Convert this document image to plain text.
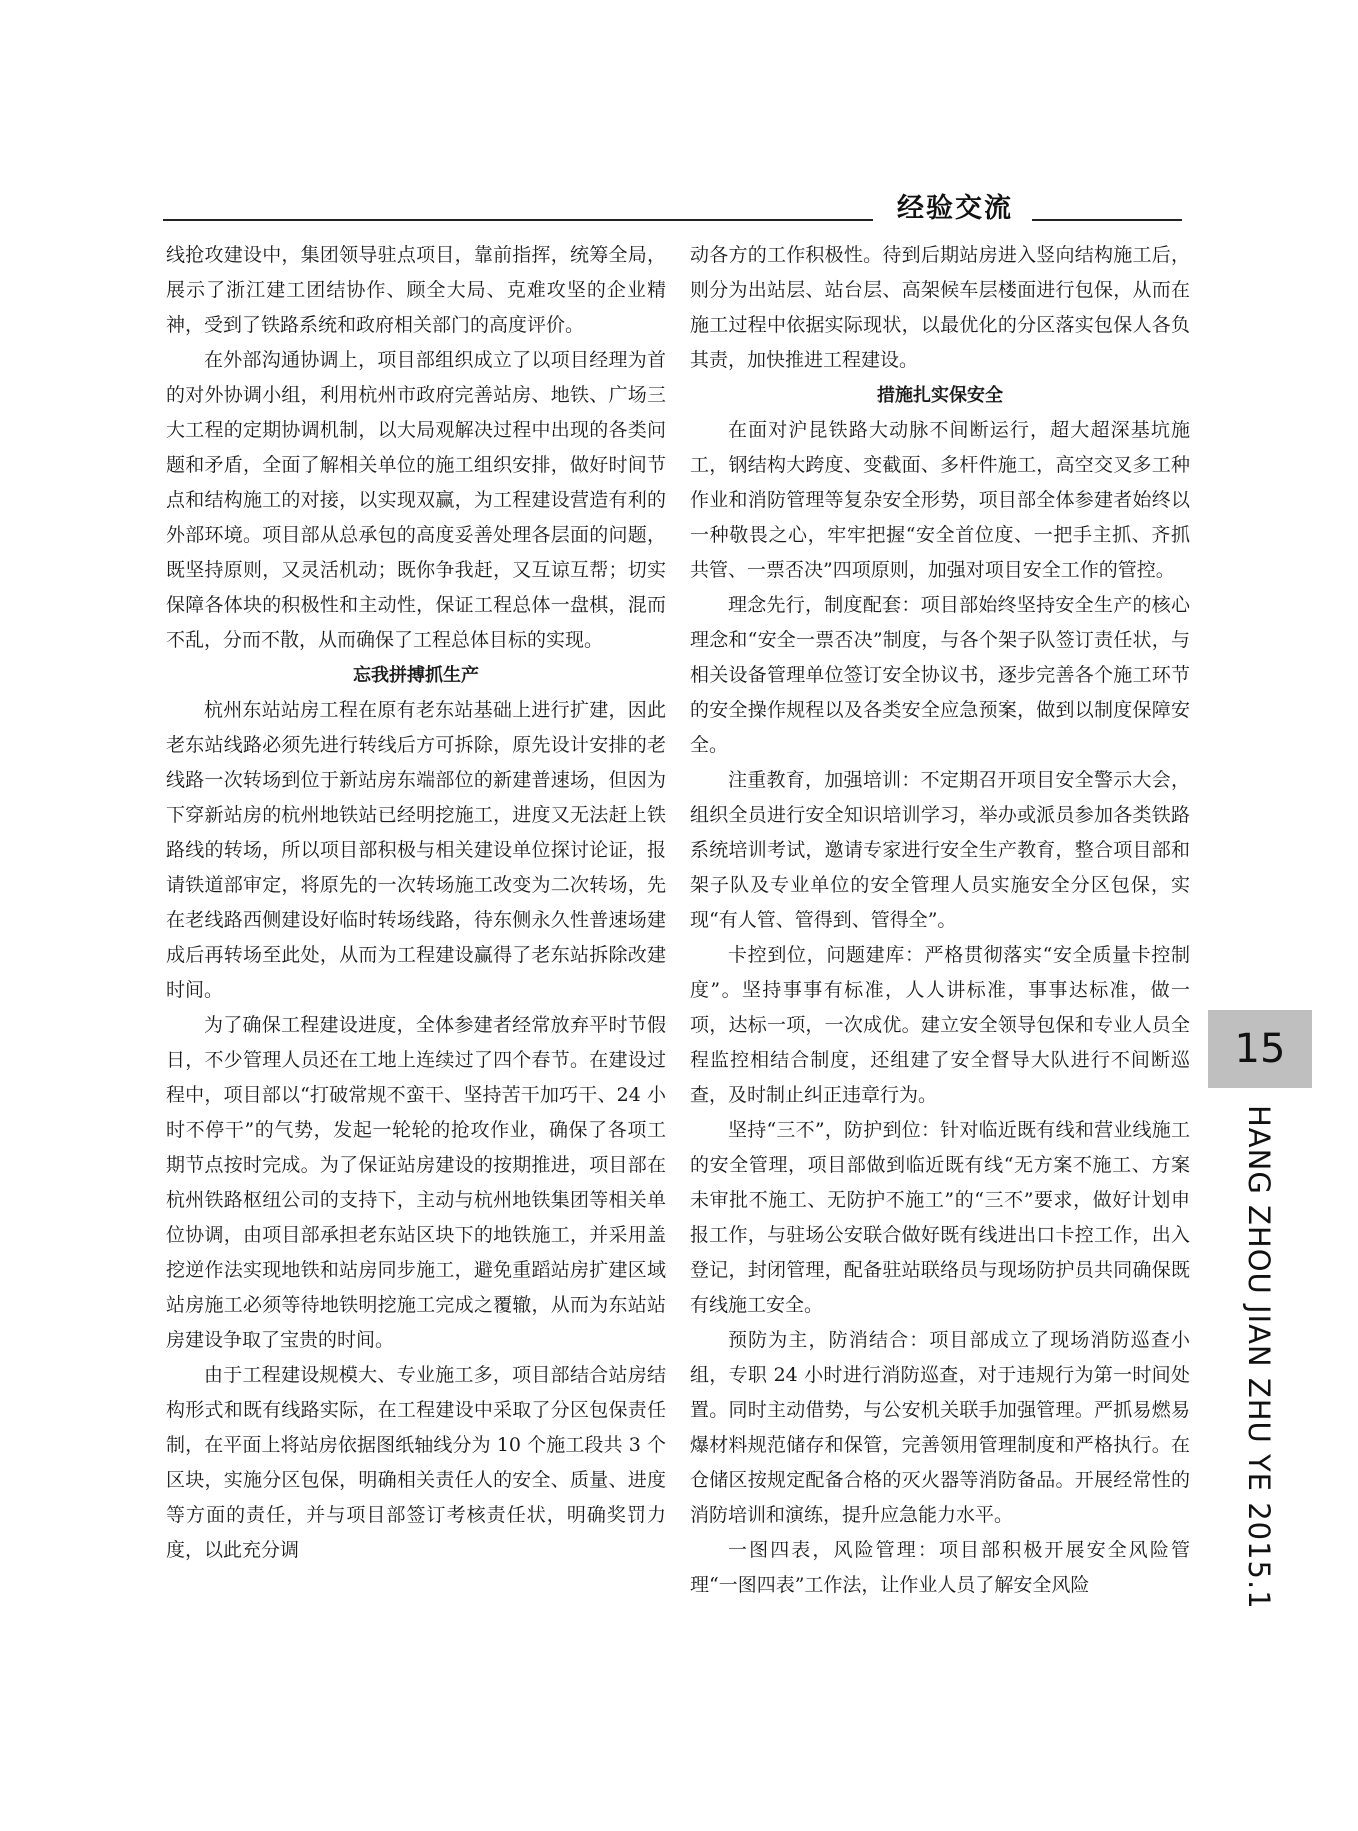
经验交流

线抢攻建设中，集团领导驻点项目，靠前指挥，统筹全局，展示了浙江建工团结协作、顾全大局、克难攻坚的企业精神，受到了铁路系统和政府相关部门的高度评价。

在外部沟通协调上，项目部组织成立了以项目经理为首的对外协调小组，利用杭州市政府完善站房、地铁、广场三大工程的定期协调机制，以大局观解决过程中出现的各类问题和矛盾，全面了解相关单位的施工组织安排，做好时间节点和结构施工的对接，以实现双赢，为工程建设营造有利的外部环境。项目部从总承包的高度妥善处理各层面的问题，既坚持原则，又灵活机动；既你争我赶，又互谅互帮；切实保障各体块的积极性和主动性，保证工程总体一盘棋，混而不乱，分而不散，从而确保了工程总体目标的实现。

忘我拼搏抓生产

杭州东站站房工程在原有老东站基础上进行扩建，因此老东站线路必须先进行转线后方可拆除，原先设计安排的老线路一次转场到位于新站房东端部位的新建普速场，但因为下穿新站房的杭州地铁站已经明挖施工，进度又无法赶上铁路线的转场，所以项目部积极与相关建设单位探讨论证，报请铁道部审定，将原先的一次转场施工改变为二次转场，先在老线路西侧建设好临时转场线路，待东侧永久性普速场建成后再转场至此处，从而为工程建设赢得了老东站拆除改建时间。

为了确保工程建设进度，全体参建者经常放弃平时节假日，不少管理人员还在工地上连续过了四个春节。在建设过程中，项目部以“打破常规不蛮干、坚持苦干加巧干、24 小时不停干”的气势，发起一轮轮的抢攻作业，确保了各项工期节点按时完成。为了保证站房建设的按期推进，项目部在杭州铁路枢纽公司的支持下，主动与杭州地铁集团等相关单位协调，由项目部承担老东站区块下的地铁施工，并采用盖挖逆作法实现地铁和站房同步施工，避免重蹈站房扩建区域站房施工必须等待地铁明挖施工完成之覆辙，从而为东站站房建设争取了宝贵的时间。

由于工程建设规模大、专业施工多，项目部结合站房结构形式和既有线路实际，在工程建设中采取了分区包保责任制，在平面上将站房依据图纸轴线分为 10 个施工段共 3 个区块，实施分区包保，明确相关责任人的安全、质量、进度等方面的责任，并与项目部签订考核责任状，明确奖罚力度，以此充分调

动各方的工作积极性。待到后期站房进入竖向结构施工后，则分为出站层、站台层、高架候车层楼面进行包保，从而在施工过程中依据实际现状，以最优化的分区落实包保人各负其责，加快推进工程建设。

措施扎实保安全

在面对沪昆铁路大动脉不间断运行，超大超深基坑施工，钢结构大跨度、变截面、多杆件施工，高空交叉多工种作业和消防管理等复杂安全形势，项目部全体参建者始终以一种敬畏之心，牢牢把握“安全首位度、一把手主抓、齐抓共管、一票否决”四项原则，加强对项目安全工作的管控。

理念先行，制度配套：项目部始终坚持安全生产的核心理念和“安全一票否决”制度，与各个架子队签订责任状，与相关设备管理单位签订安全协议书，逐步完善各个施工环节的安全操作规程以及各类安全应急预案，做到以制度保障安全。

注重教育，加强培训：不定期召开项目安全警示大会，组织全员进行安全知识培训学习，举办或派员参加各类铁路系统培训考试，邀请专家进行安全生产教育，整合项目部和架子队及专业单位的安全管理人员实施安全分区包保，实现“有人管、管得到、管得全”。

卡控到位，问题建库：严格贯彻落实“安全质量卡控制度”。坚持事事有标准，人人讲标准，事事达标准，做一项，达标一项，一次成优。建立安全领导包保和专业人员全程监控相结合制度，还组建了安全督导大队进行不间断巡查，及时制止纠正违章行为。

坚持“三不”，防护到位：针对临近既有线和营业线施工的安全管理，项目部做到临近既有线“无方案不施工、方案未审批不施工、无防护不施工”的“三不”要求，做好计划申报工作，与驻场公安联合做好既有线进出口卡控工作，出入登记，封闭管理，配备驻站联络员与现场防护员共同确保既有线施工安全。

预防为主，防消结合：项目部成立了现场消防巡查小组，专职 24 小时进行消防巡查，对于违规行为第一时间处置。同时主动借势，与公安机关联手加强管理。严抓易燃易爆材料规范储存和保管，完善领用管理制度和严格执行。在仓储区按规定配备合格的灭火器等消防备品。开展经常性的消防培训和演练，提升应急能力水平。

一图四表，风险管理：项目部积极开展安全风险管理“一图四表”工作法，让作业人员了解安全风险

15
HANG ZHOU JIAN ZHU YE 2015.1
